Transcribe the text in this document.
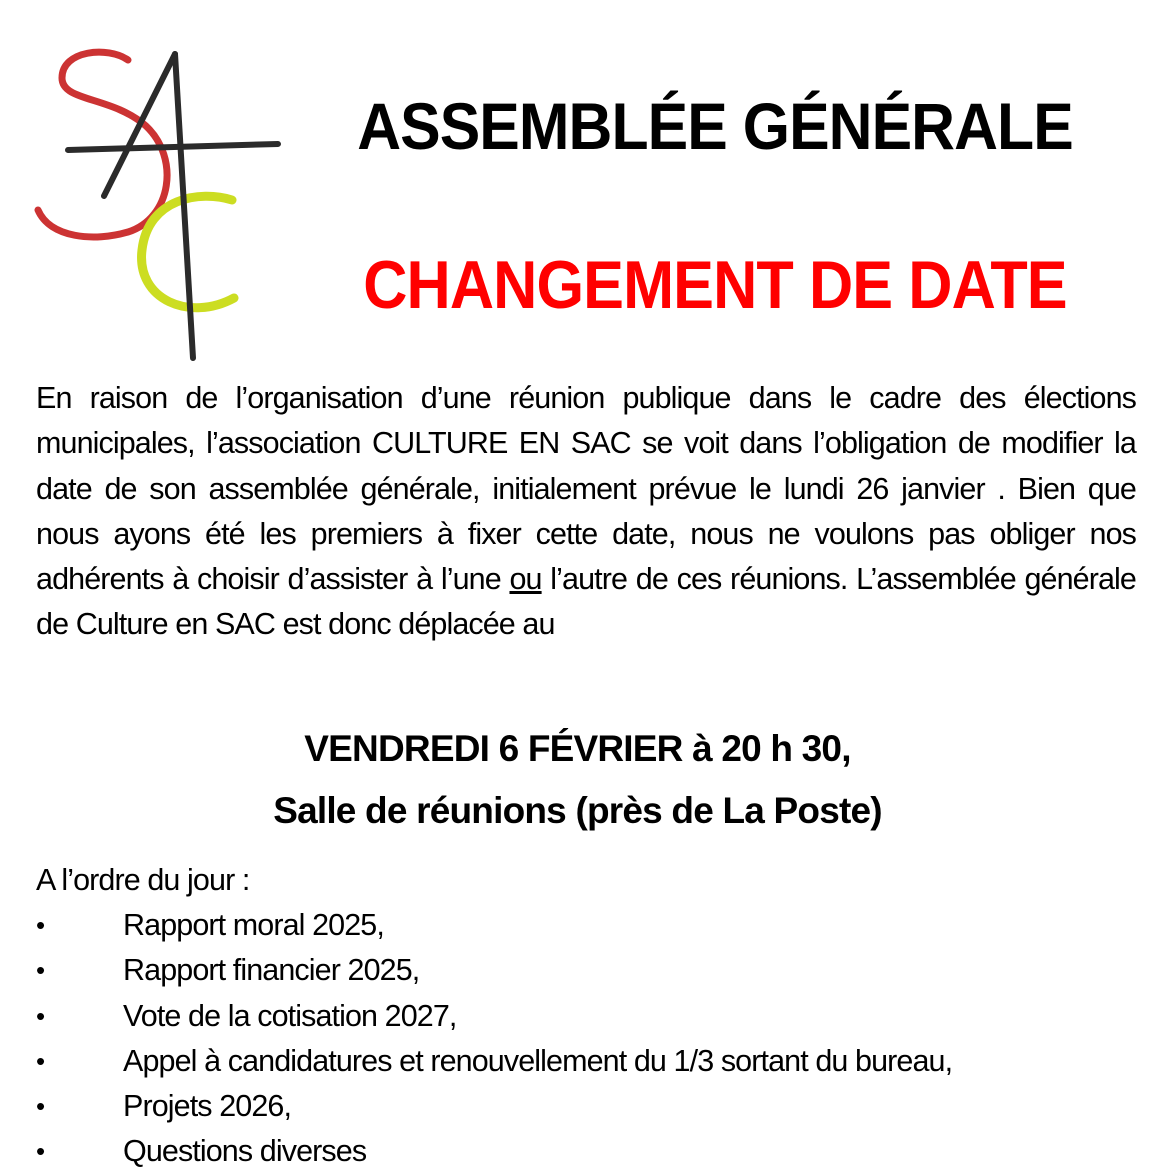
ASSEMBLÉE GÉNÉRALE
CHANGEMENT DE DATE
En raison de l’organisation d’une réunion publique dans le cadre des élections municipales, l’association CULTURE EN SAC se voit dans l’obligation de modifier la date de son assemblée générale, initialement prévue le lundi 26 janvier . Bien que nous ayons été les premiers à fixer cette date, nous ne voulons pas obliger nos adhérents à choisir d’assister à l’une ou l’autre de ces réunions. L’assemblée générale de Culture en SAC est donc déplacée au
VENDREDI 6 FÉVRIER à 20 h 30,
Salle de réunions (près de La Poste)
A l’ordre du jour :
•	Rapport moral 2025,
•	Rapport financier 2025,
•	Vote de la cotisation 2027,
•	Appel à candidatures et renouvellement du 1/3 sortant du bureau,
•	Projets 2026,
•	Questions diverses
